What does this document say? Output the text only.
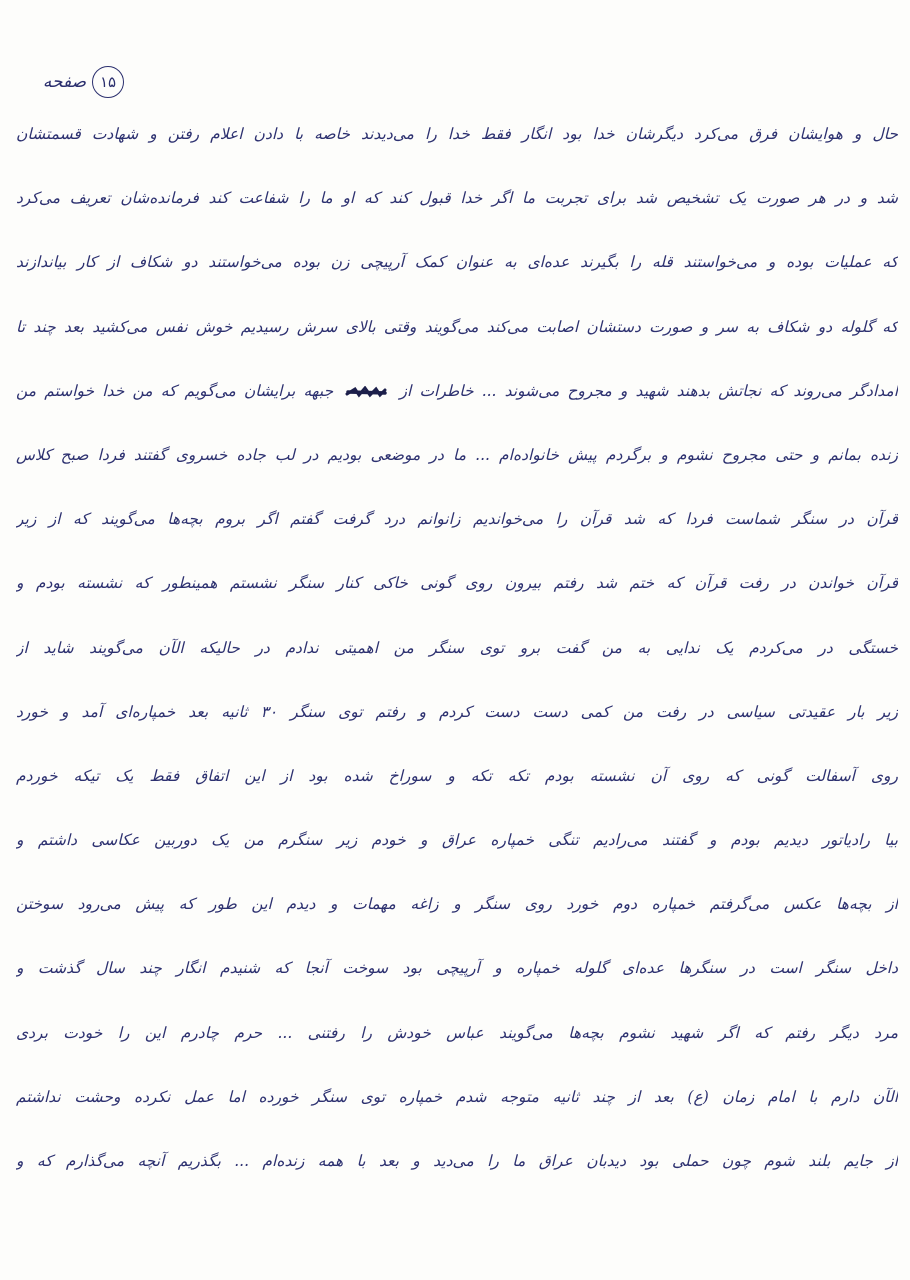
۱۵
صفحه
حال و هوایشان فرق می‌کرد دیگرشان خدا بود انگار فقط خدا را می‌دیدند خاصه با دادن اعلام رفتن و شهادت قسمتشان
شد و در هر صورت یک تشخیص شد برای تجربت ما اگر خدا قبول کند که او ما را شفاعت کند فرمانده‌شان تعریف می‌کرد
که عملیات بوده و می‌خواستند قله را بگیرند عده‌ای به عنوان کمک آرپیچی زن بوده می‌خواستند دو شکاف از کار بیاندازند
که گلوله دو شکاف به سر و صورت دستشان اصابت می‌کند می‌گویند وقتی بالای سرش رسیدیم خوش نفس می‌کشید بعد چند تا
امدادگر می‌روند که نجاتش بدهند شهید و مجروح می‌شوند ... خاطرات از  جبهه برایشان می‌گویم که من خدا خواستم من
زنده بمانم و حتی مجروح نشوم و برگردم پیش خانواده‌ام ... ما در موضعی بودیم در لب جاده خسروی گفتند فردا صبح کلاس
قرآن در سنگر شماست فردا که شد قرآن را می‌خواندیم زانوانم درد گرفت گفتم اگر بروم بچه‌ها می‌گویند که از زیر
قرآن خواندن در رفت قرآن که ختم شد رفتم بیرون روی گونی خاکی کنار سنگر نشستم همینطور که نشسته بودم و
خستگی در می‌کردم یک ندایی به من گفت برو توی سنگر من اهمیتی ندادم در حالیکه الآن می‌گویند شاید از
زیر بار عقیدتی سیاسی در رفت من کمی دست دست کردم و رفتم توی سنگر ۳۰ ثانیه بعد خمپاره‌ای آمد و خورد
روی آسفالت گونی که روی آن نشسته بودم تکه تکه و سوراخ شده بود از این اتفاق فقط یک تیکه خوردم
بیا رادیاتور دیدیم بودم و گفتند می‌رادیم تنگی خمپاره عراق و خودم زیر سنگرم من یک دوربین عکاسی داشتم و
از بچه‌ها عکس می‌گرفتم خمپاره دوم خورد روی سنگر و زاغه مهمات و دیدم این طور که پیش می‌رود سوختن
داخل سنگر است در سنگرها عده‌ای گلوله خمپاره و آرپیچی بود سوخت آنجا که شنیدم انگار چند سال گذشت و
مرد دیگر رفتم که اگر شهید نشوم بچه‌ها می‌گویند عباس خودش را رفتنی ... حرم چادرم این را خودت بردی
الآن دارم با امام زمان (ع) بعد از چند ثانیه متوجه شدم خمپاره توی سنگر خورده اما عمل نکرده وحشت نداشتم
از جایم بلند شوم چون حملی بود دیدبان عراق ما را می‌دید و بعد با همه زنده‌ام ... بگذریم آنچه می‌گذارم که و
